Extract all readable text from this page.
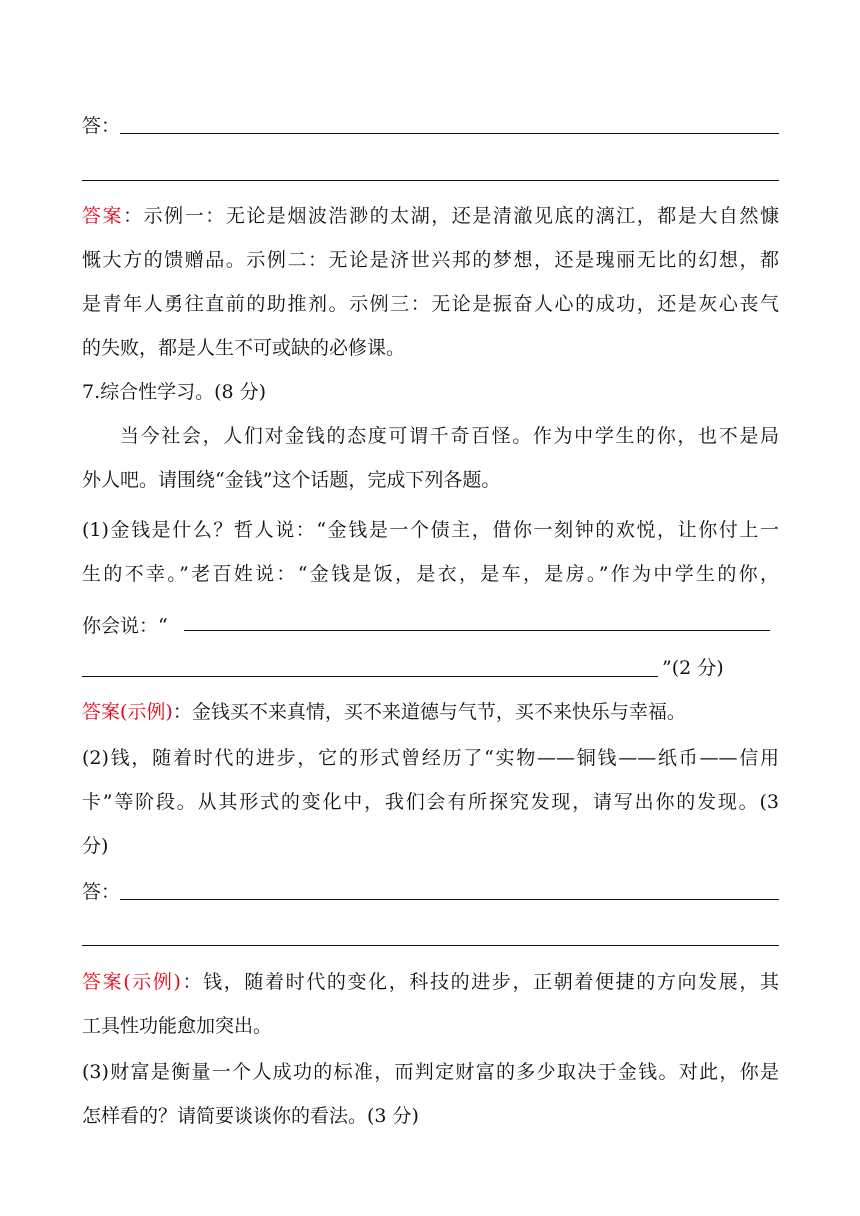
答：
答案：示例一：无论是烟波浩渺的太湖，还是清澈见底的漓江，都是大自然慷
慨大方的馈赠品。示例二：无论是济世兴邦的梦想，还是瑰丽无比的幻想，都
是青年人勇往直前的助推剂。示例三：无论是振奋人心的成功，还是灰心丧气
的失败，都是人生不可或缺的必修课。
7.综合性学习。(8 分)
当今社会，人们对金钱的态度可谓千奇百怪。作为中学生的你，也不是局
外人吧。请围绕“金钱”这个话题，完成下列各题。
(1)金钱是什么？哲人说：“金钱是一个债主，借你一刻钟的欢悦，让你付上一
生的不幸。”老百姓说：“金钱是饭，是衣，是车，是房。”作为中学生的你，
你会说：“
”(2 分)
答案(示例)：金钱买不来真情，买不来道德与气节，买不来快乐与幸福。
(2)钱，随着时代的进步，它的形式曾经历了“实物——铜钱——纸币——信用
卡”等阶段。从其形式的变化中，我们会有所探究发现，请写出你的发现。(3
分)
答：
答案(示例)：钱，随着时代的变化，科技的进步，正朝着便捷的方向发展，其
工具性功能愈加突出。
(3)财富是衡量一个人成功的标准，而判定财富的多少取决于金钱。对此，你是
怎样看的？请简要谈谈你的看法。(3 分)
